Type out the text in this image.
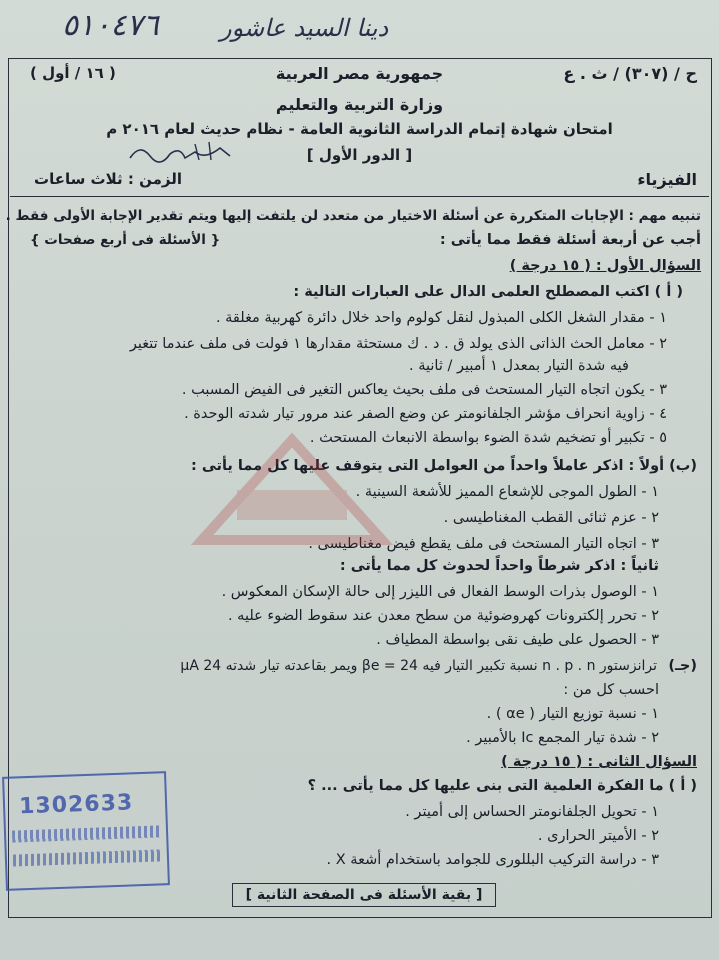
٥١٠٤٧٦	دينا السيد عاشور
ح / (٣٠٧) / ث . ع
( ١٦ / أول )	جمهورية مصر العربية
وزارة التربية والتعليم
امتحان شهادة إتمام الدراسة الثانوية العامة - نظام حديث لعام ٢٠١٦ م
[ الدور الأول ]
الفيزياء
الزمن : ثلاث ساعات
تنبيه مهم : الإجابات المتكررة عن أسئلة الاختيار من متعدد لن يلتفت إليها ويتم تقدير الإجابة الأولى فقط .
أجب عن أربعة أسئلة فقط مما يأتى :
{ الأسئلة فى أربع صفحات }
السؤال الأول : ( ١٥ درجة )
( أ ) اكتب المصطلح العلمى الدال على العبارات التالية :
١ - مقدار الشغل الكلى المبذول لنقل كولوم واحد خلال دائرة كهربية مغلقة .
٢ - معامل الحث الذاتى الذى يولد ق . د . ك مستحثة مقدارها ١ فولت فى ملف عندما تتغير
فيه شدة التيار بمعدل ١ أمبير / ثانية .
٣ - يكون اتجاه التيار المستحث فى ملف بحيث يعاكس التغير فى الفيض المسبب .
٤ - زاوية انحراف مؤشر الجلفانومتر عن وضع الصفر عند مرور تيار شدته الوحدة .
٥ - تكبير أو تضخيم شدة الضوء بواسطة الانبعاث المستحث .
(ب) أولاً : اذكر عاملاً واحداً من العوامل التى يتوقف عليها كل مما يأتى :
١ - الطول الموجى للإشعاع المميز للأشعة السينية .
٢ - عزم ثنائى القطب المغناطيسى .
٣ - اتجاه التيار المستحث فى ملف يقطع فيض مغناطيسى .
ثانياً : اذكر شرطاً واحداً لحدوث كل مما يأتى :
١ - الوصول بذرات الوسط الفعال فى الليزر إلى حالة الإسكان المعكوس .
٢ - تحرر إلكترونات كهروضوئية من سطح معدن عند سقوط الضوء عليه .
٣ - الحصول على طيف نقى بواسطة المطياف .
(جـ)
ترانزستور n . p . n نسبة تكبير التيار فيه βe = 24 ويمر بقاعدته تيار شدته 24 μA
احسب كل من :
١ - نسبة توزيع التيار ( αe ) .
٢ - شدة تيار المجمع Ic بالأمبير .
السؤال الثانى : ( ١٥ درجة )
( أ ) ما الفكرة العلمية التى بنى عليها كل مما يأتى ... ؟
١ - تحويل الجلفانومتر الحساس إلى أميتر .
٢ - الأميتر الحرارى .
٣ - دراسة التركيب البللورى للجوامد باستخدام أشعة X .
1302633
[ بقية الأسئلة فى الصفحة الثانية ]
